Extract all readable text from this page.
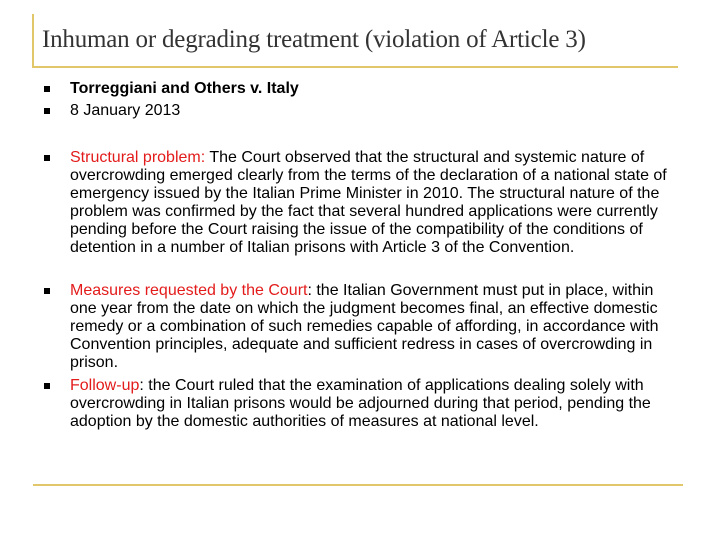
Inhuman or degrading treatment (violation of Article 3)
Torreggiani and Others v. Italy
8 January 2013
Structural problem: The Court observed that the structural and systemic nature of overcrowding emerged clearly from the terms of the declaration of a national state of emergency issued by the Italian Prime Minister in 2010. The structural nature of the problem was confirmed by the fact that several hundred applications were currently pending before the Court raising the issue of the compatibility of the conditions of detention in a number of Italian prisons with Article 3 of the Convention.
Measures requested by the Court: the Italian Government must put in place, within one year from the date on which the judgment becomes final, an effective domestic remedy or a combination of such remedies capable of affording, in accordance with Convention principles, adequate and sufficient redress in cases of overcrowding in prison.
Follow-up: the Court ruled that the examination of applications dealing solely with overcrowding in Italian prisons would be adjourned during that period, pending the adoption by the domestic authorities of measures at national level.
